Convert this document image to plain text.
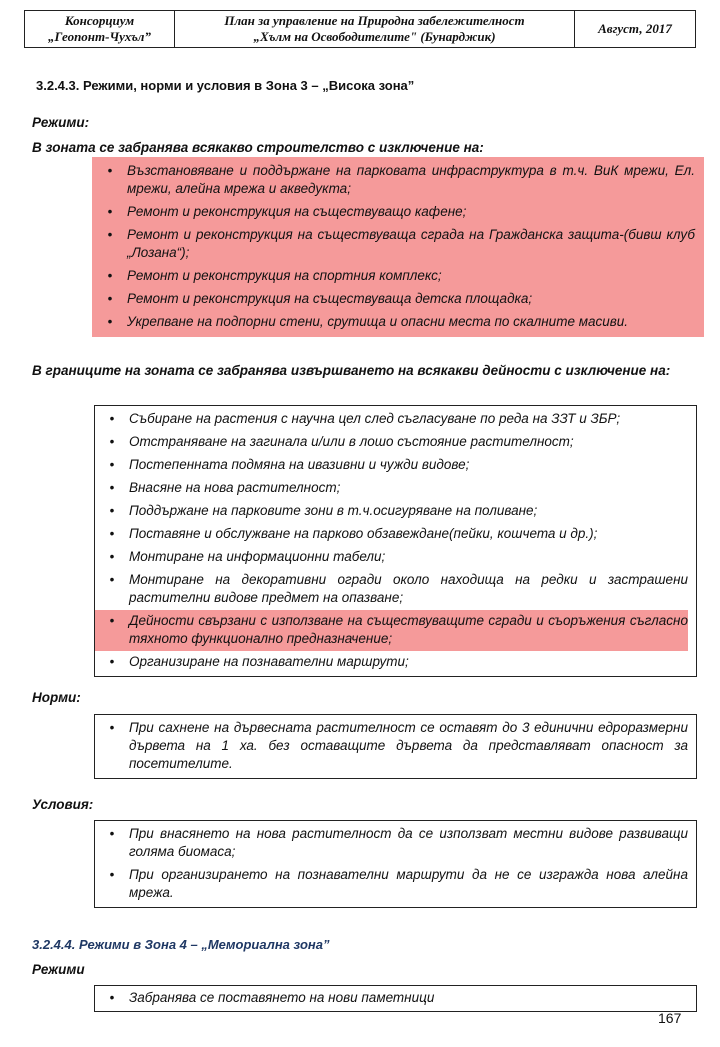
Консорциум
„Геопонт-Чухъл”
План за управление на Природна забележителност
„Хълм на Освободителите" (Бунарджик)
Август, 2017
3.2.4.3. Режими, норми и условия в Зона 3 – „Висока зона”
Режими:
В зоната се забранява всякакво строителство с изключение на:
•	Възстановяване и поддържане на парковата инфраструктура в т.ч. ВиК мрежи, Ел. мрежи, алейна мрежа и акведукта;
•	Ремонт и реконструкция на съществуващо кафене;
•	Ремонт и реконструкция на съществуваща сграда на Гражданска защита-(бивш клуб „Лозана“);
•	Ремонт и реконструкция на спортния комплекс;
•	Ремонт и реконструкция на съществуваща детска площадка;
•	Укрепване на подпорни стени, срутища и опасни места по скалните масиви.
В границите на зоната се забранява извършването на всякакви дейности с изключение на:
•	Събиране на растения с научна цел след съгласуване по реда на ЗЗТ и ЗБР;
•	Отстраняване на загинала и/или в лошо състояние растителност;
•	Постепенната подмяна на ивазивни и чужди видове;
•	Внасяне на нова растителност;
•	Поддържане на парковите зони в т.ч.осигуряване на поливане;
•	Поставяне и обслужване на парково обзавеждане(пейки, кошчета и др.);
•	Монтиране на информационни табели;
•	Монтиране на декоративни огради около находища на редки и застрашени растителни видове предмет на опазване;
•	Дейности свързани с използване на съществуващите сгради и съоръжения съгласно тяхното функционално предназначение;
•	Организиране на познавателни маршрути;
Норми:
•	При сахнене на дървесната растителност се оставят до 3 единични едроразмерни дървета на 1 ха. без оставащите дървета да представляват опасност за посетителите.
Условия:
•	При внасянето на нова растителност да се използват местни видове развиващи голяма биомаса;
•	При организирането на познавателни маршрути да не се изгражда нова алейна мрежа.
3.2.4.4. Режими в Зона 4 – „Мемориална зона”
Режими
•	Забранява се поставянето на нови паметници
167
